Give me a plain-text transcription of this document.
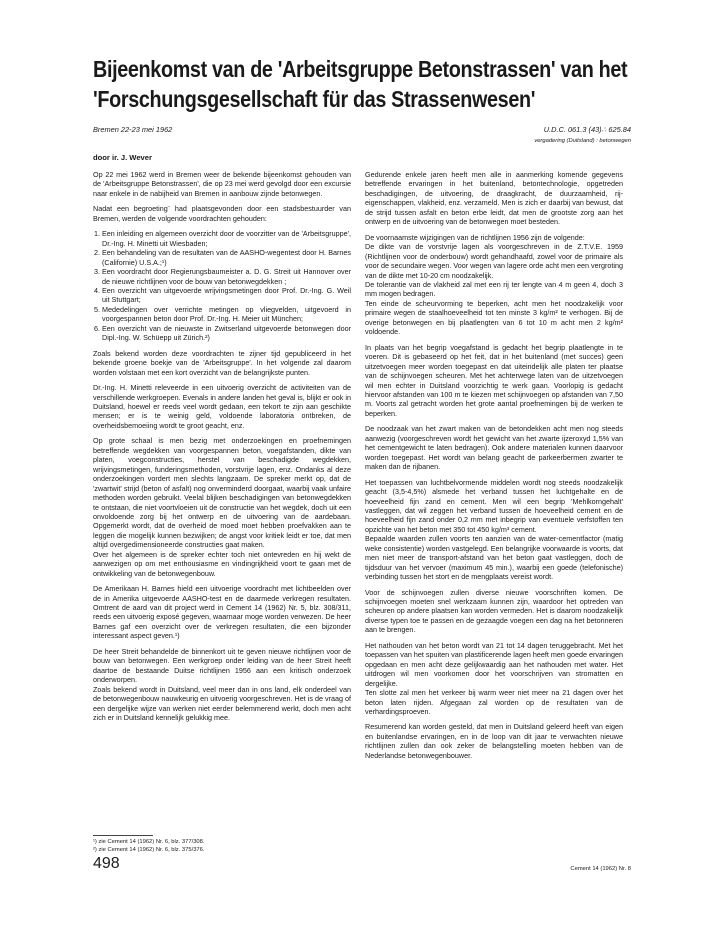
Bijeenkomst van de 'Arbeitsgruppe Betonstrassen' van het
'Forschungsgesellschaft für das Strassenwesen'
Bremen 22-23 mei 1962	U.D.C. 061.3 (43)∴ 625.84
vergadering (Duitsland) : betonwegen
door ir. J. Wever

Op 22 mei 1962 werd in Bremen weer de bekende bijeenkomst gehouden van de 'Arbeitsgruppe Betonstrassen', die op 23 mei werd gevolgd door een excursie naar enkele in de nabijheid van Bremen in aanbouw zijnde betonwegen.

Nadat een begroeting¨ had plaatsgevonden door een stadsbestuurder van Bremen, werden de volgende voordrachten gehouden:

1. Een inleiding en algemeen overzicht door de voorzitter van de 'Arbeitsgruppe', Dr.-Ing. H. Minetti uit Wiesbaden;
2. Een behandeling van de resultaten van de AASHO-wegentest door H. Barnes (Californie) U.S.A.;¹)
3. Een voordracht door Regierungsbaumeister a. D. G. Streit uit Hannover over de nieuwe richtlijnen voor de bouw van betonwegdekken ;
4. Een overzicht van uitgevoerde wrijvingsmetingen door Prof. Dr.-Ing. G. Weil uit Stuttgart;
5. Mededelingen over verrichte metingen op vliegvelden, uitgevoerd in voorgespannen beton door Prof. Dr.-Ing. H. Meier uit München;
6. Een overzicht van de nieuwste in Zwitserland uitgevoerde betonwegen door Dipl.-Ing. W. Schüepp uit Zürich.²)

Zoals bekend worden deze voordrachten te zijner tijd gepubliceerd in het bekende groene boekje van de 'Arbeitsgruppe'. In het volgende zal daarom worden volstaan met een kort overzicht van de belangrijkste punten.

Dr.-Ing. H. Minetti releveerde in een uitvoerig overzicht de activiteiten van de verschillende werkgroepen. Evenals in andere landen het geval is, blijkt er ook in Duitsland, hoewel er reeds veel wordt gedaan, een tekort te zijn aan geschikte mensen; er is te weinig geld, voldoende laboratoria ontbreken, de overheidsbemoeiing wordt te groot geacht, enz.

Op grote schaal is men bezig met onderzoekingen en proefnemingen betreffende wegdekken van voorgespannen beton, voegafstanden, dikte van platen, voegconstructies, herstel van beschadigde wegdekken, wrijvingsmetingen, funderingsmethoden, vorstvrije lagen, enz. Ondanks al deze onderzoekingen vordert men slechts langzaam. De spreker merkt op, dat de 'zwartwit' strijd (beton of asfalt) nog onverminderd doorgaat, waarbij vaak unfaire methoden worden gebruikt. Veelal blijken beschadigingen van betonwegdekken te ontstaan, die niet voortvloeien uit de constructie van het wegdek, doch uit een onvoldoende zorg bij het ontwerp en de uitvoering van de aardebaan. Opgemerkt wordt, dat de overheid de moed moet hebben proefvakken aan te leggen die mogelijk kunnen bezwijken; de angst voor kritiek leidt er toe, dat men altijd overgedimensioneerde constructies gaat maken.

Over het algemeen is de spreker echter toch niet ontevreden en hij wekt de aanwezigen op om met enthousiasme en vindingrijkheid voort te gaan met de ontwikkeling van de betonwegenbouw.

De Amerikaan H. Barnes hield een uitvoerige voordracht met lichtbeelden over de in Amerika uitgevoerde AASHO-test en de daarmede verkregen resultaten. Omtrent de aard van dit project werd in Cement 14 (1962) Nr. 5, blz. 308/311, reeds een uitvoerig exposé gegeven, waarnaar moge worden verwezen. De heer Barnes gaf een overzicht over de verkregen resultaten, die een bijzonder interessant aspect geven.¹)

De heer Streit behandelde de binnenkort uit te geven nieuwe richtlijnen voor de bouw van betonwegen. Een werkgroep onder leiding van de heer Streit heeft daartoe de bestaande Duitse richtlijnen 1956 aan een kritisch onderzoek onderworpen.

Zoals bekend wordt in Duitsland, veel meer dan in ons land, elk onderdeel van de betonwegenbouw nauwkeurig en uitvoerig voorgeschreven. Het is de vraag of een dergelijke wijze van werken niet eerder belemmerend werkt, doch men acht zich er in Duitsland kennelijk gelukkig mee.

Gedurende enkele jaren heeft men alle in aanmerking komende gegevens betreffende ervaringen in het buitenland, betontechnologie, opgetreden beschadigingen, de uitvoering, de draagkracht, de duurzaamheid, rij-eigenschappen, vlakheid, enz. verzameld. Men is zich er daarbij van bewust, dat de strijd tussen asfalt en beton erbe leidt, dat men de grootste zorg aan het ontwerp en de uitvoering van de betonwegen moet besteden.

De voornaamste wijzigingen van de richtlijnen 1956 zijn de volgende:

De dikte van de vorstvrije lagen als voorgeschreven in de Z.T.V.E. 1959 (Richtlijnen voor de onderbouw) wordt gehandhaafd, zowel voor de primaire als voor de secundaire wegen. Voor wegen van lagere orde acht men een vergroting van de dikte met 10-20 cm noodzakelijk.

De tolerantie van de vlakheid zal met een rij ter lengte van 4 m geen 4, doch 3 mm mogen bedragen.

Ten einde de scheurvorming te beperken, acht men het noodzakelijk voor primaire wegen de staalhoeveelheid tot ten minste 3 kg/m² te verhogen. Bij de overige betonwegen en bij plaatlengten van 6 tot 10 m acht men 2 kg/m² voldoende.

In plaats van het begrip voegafstand is gedacht het begrip plaatlengte in te voeren. Dit is gebaseerd op het feit, dat in het buitenland (met succes) geen uitzetvoegen meer worden toegepast en dat uiteindelijk alle platen ter plaatse van de schijnvoegen scheuren. Met het achterwege laten van de uitzetvoegen wil men echter in Duitsland voorzichtig te werk gaan. Voorlopig is gedacht hiervoor afstanden van 100 m te kiezen met schijnvoegen op afstanden van 7,50 m. Voorts zal getracht worden het grote aantal proefnemingen bij de werken te beperken.

De noodzaak van het zwart maken van de betondekken acht men nog steeds aanwezig (voorgeschreven wordt het gewicht van het zwarte ijzeroxyd 1,5% van het cementgewicht te laten bedragen). Ook andere materialen kunnen daarvoor worden toegepast. Het wordt van belang geacht de parkeerbermen zwarter te maken dan de rijbanen.

Het toepassen van luchtbelvormende middelen wordt nog steeds noodzakelijk geacht (3,5-4,5%) alsmede het verband tussen het luchtgehalte en de hoeveelheid fijn zand en cement. Men wil een begrip 'Mehlkorngehalt' vastleggen, dat wil zeggen het verband tussen de hoeveelheid cement en de hoeveelheid fijn zand onder 0,2 mm met inbegrip van eventuele verfstoffen ten opzichte van het beton met 350 tot 450 kg/m³ cement.

Bepaalde waarden zullen voorts ten aanzien van de water-cementfactor (matig weke consistentie) worden vastgelegd. Een belangrijke voorwaarde is voorts, dat men niet meer de transport-afstand van het beton gaat vastleggen, doch de tijdsduur van het vervoer (maximum 45 min.), waarbij een goede (telefonische) verbinding tussen het stort en de mengplaats vereist wordt.

Voor de schijnvoegen zullen diverse nieuwe voorschriften komen. De schijnvoegen moeten snel werkzaam kunnen zijn, waardoor het optreden van scheuren op andere plaatsen kan worden vermeden. Het is daarom noodzakelijk diverse typen toe te passen en de gezaagde voegen een dag na het betonneren aan te brengen.

Het nathouden van het beton wordt van 21 tot 14 dagen teruggebracht. Met het toepassen van het spuiten van plastificerende lagen heeft men goede ervaringen opgedaan en men acht deze gelijkwaardig aan het nathouden met water. Het uitdrogen wil men voorkomen door het voorschrijven van stromatten en dergelijke.

Ten slotte zal men het verkeer bij warm weer niet meer na 21 dagen over het beton laten rijden. Afgegaan zal worden op de resultaten van de verhardingsproeven.

Resumerend kan worden gesteld, dat men in Duitsland geleerd heeft van eigen en buitenlandse ervaringen, en in de loop van dit jaar te verwachten nieuwe richtlijnen zullen dan ook zeker de belangstelling moeten hebben van de Nederlandse betonwegenbouwer.

¹) zie Cement 14 (1962) Nr. 6, blz. 377/308.
²) zie Cement 14 (1962) Nr. 6, blz. 375/376.
498	Cement 14 (1962) Nr. 8
